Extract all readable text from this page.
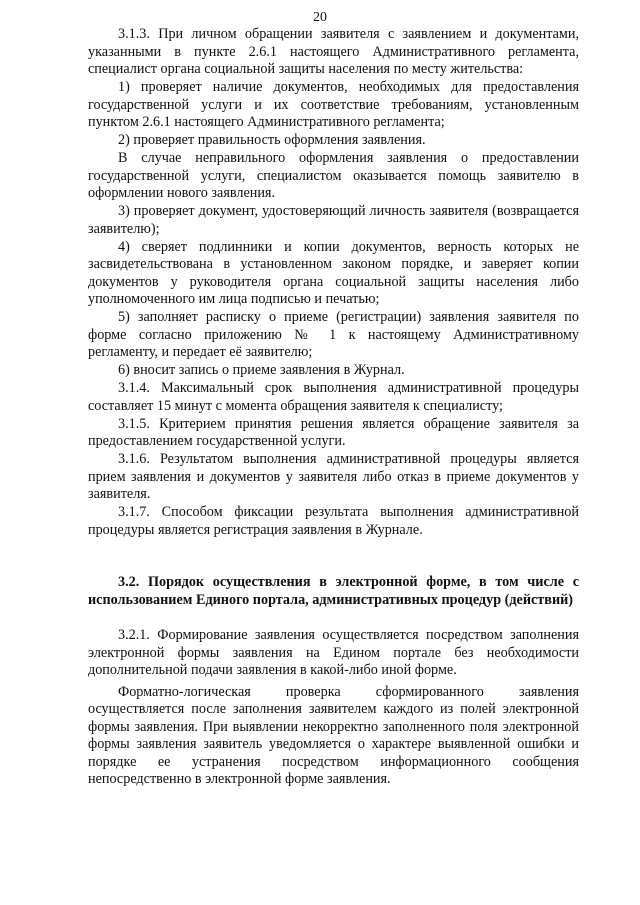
20

3.1.3. При личном обращении заявителя с заявлением и документами, указанными в пункте 2.6.1 настоящего Административного регламента, специалист органа социальной защиты населения по месту жительства:

1) проверяет наличие документов, необходимых для предоставления государственной услуги и их соответствие требованиям, установленным пунктом 2.6.1 настоящего Административного регламента;

2) проверяет правильность оформления заявления.

В случае неправильного оформления заявления о предоставлении государственной услуги, специалистом оказывается помощь заявителю в оформлении нового заявления.

3) проверяет документ, удостоверяющий личность заявителя (возвращается заявителю);

4) сверяет подлинники и копии документов, верность которых не засвидетельствована в установленном законом порядке, и заверяет копии документов у руководителя органа социальной защиты населения либо уполномоченного им лица подписью и печатью;

5) заполняет расписку о приеме (регистрации) заявления заявителя по форме согласно приложению № 1 к настоящему Административному регламенту, и передает её заявителю;

6) вносит запись о приеме заявления в Журнал.

3.1.4. Максимальный срок выполнения административной процедуры составляет 15 минут с момента обращения заявителя к специалисту;

3.1.5. Критерием принятия решения является обращение заявителя за предоставлением государственной услуги.

3.1.6. Результатом выполнения административной процедуры является прием заявления и документов у заявителя либо отказ в приеме документов у заявителя.

3.1.7. Способом фиксации результата выполнения административной процедуры является регистрация заявления в Журнале.

3.2. Порядок осуществления в электронной форме, в том числе с использованием Единого портала, административных процедур (действий)

3.2.1. Формирование заявления осуществляется посредством заполнения электронной формы заявления на Едином портале без необходимости дополнительной подачи заявления в какой-либо иной форме.

Форматно-логическая проверка сформированного заявления осуществляется после заполнения заявителем каждого из полей электронной формы заявления. При выявлении некорректно заполненного поля электронной формы заявления заявитель уведомляется о характере выявленной ошибки и порядке ее устранения посредством информационного сообщения непосредственно в электронной форме заявления.
